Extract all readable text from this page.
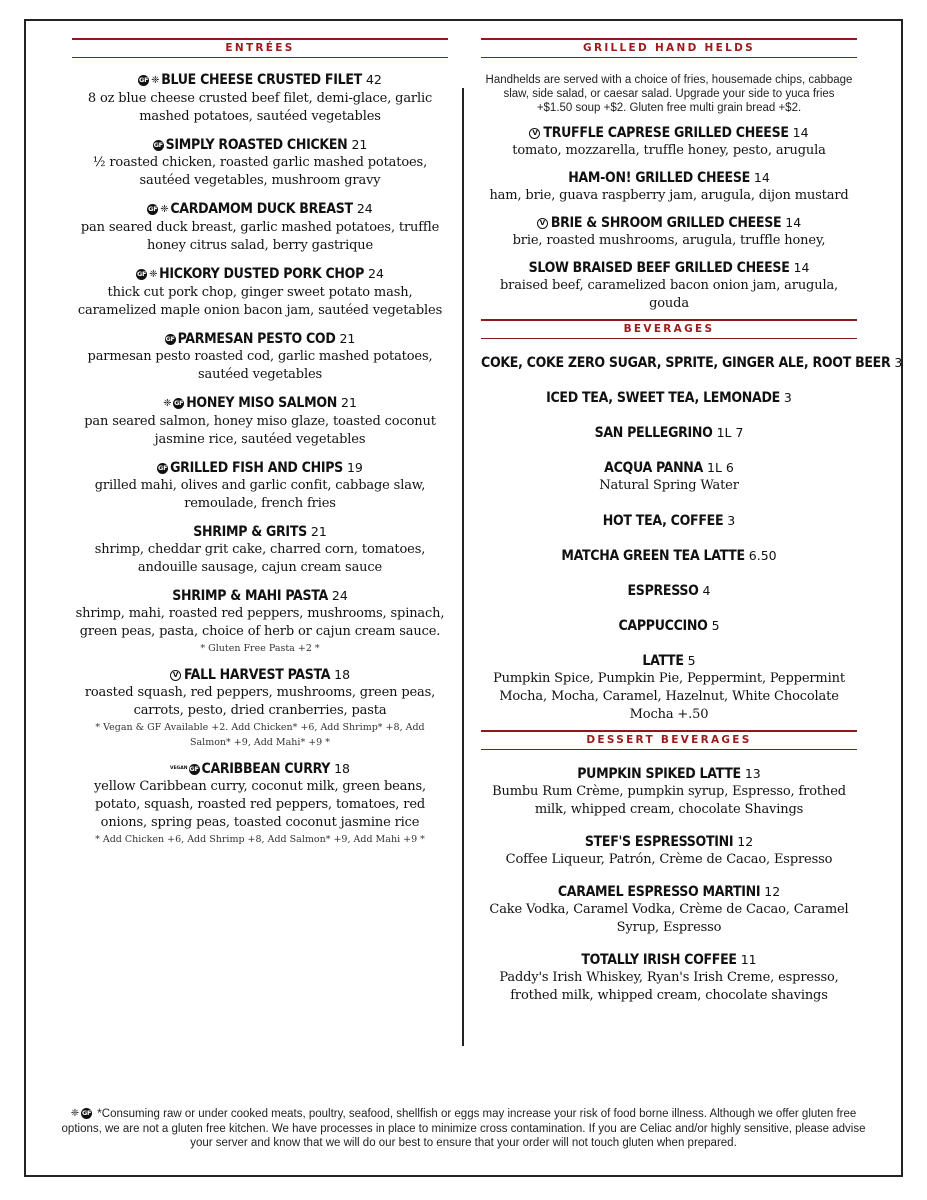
ENTRÉES
GF ❈ BLUE CHEESE CRUSTED FILET 42
8 oz blue cheese crusted beef filet, demi-glace, garlic mashed potatoes, sautéed vegetables
GF SIMPLY ROASTED CHICKEN 21
½ roasted chicken, roasted garlic mashed potatoes, sautéed vegetables, mushroom gravy
GF ❈ CARDAMOM DUCK BREAST 24
pan seared duck breast, garlic mashed potatoes, truffle honey citrus salad, berry gastrique
GF ❈ HICKORY DUSTED PORK CHOP 24
thick cut pork chop, ginger sweet potato mash, caramelized maple onion bacon jam, sautéed vegetables
GF PARMESAN PESTO COD 21
parmesan pesto roasted cod, garlic mashed potatoes, sautéed vegetables
❈ GF HONEY MISO SALMON 21
pan seared salmon, honey miso glaze, toasted coconut jasmine rice, sautéed vegetables
GF GRILLED FISH AND CHIPS 19
grilled mahi, olives and garlic confit, cabbage slaw, remoulade, french fries
SHRIMP & GRITS 21
shrimp, cheddar grit cake, charred corn, tomatoes, andouille sausage, cajun cream sauce
SHRIMP & MAHI PASTA 24
shrimp, mahi, roasted red peppers, mushrooms, spinach, green peas, pasta, choice of herb or cajun cream sauce.
* Gluten Free Pasta +2 *
V FALL HARVEST PASTA 18
roasted squash, red peppers, mushrooms, green peas, carrots, pesto, dried cranberries, pasta
* Vegan & GF Available +2. Add Chicken* +6, Add Shrimp* +8, Add Salmon* +9, Add Mahi* +9 *
VEGAN GF CARIBBEAN CURRY 18
yellow Caribbean curry, coconut milk, green beans, potato, squash, roasted red peppers, tomatoes, red onions, spring peas, toasted coconut jasmine rice
* Add Chicken +6, Add Shrimp +8, Add Salmon* +9, Add Mahi +9 *
GRILLED HAND HELDS
Handhelds are served with a choice of fries, housemade chips, cabbage slaw, side salad, or caesar salad. Upgrade your side to yuca fries +$1.50 soup +$2. Gluten free multi grain bread +$2.
V TRUFFLE CAPRESE GRILLED CHEESE 14
tomato, mozzarella, truffle honey, pesto, arugula
HAM-ON! GRILLED CHEESE 14
ham, brie, guava raspberry jam, arugula, dijon mustard
V BRIE & SHROOM GRILLED CHEESE 14
brie, roasted mushrooms, arugula, truffle honey,
SLOW BRAISED BEEF GRILLED CHEESE 14
braised beef, caramelized bacon onion jam, arugula, gouda
BEVERAGES
COKE, COKE ZERO SUGAR, SPRITE, GINGER ALE, ROOT BEER 3
ICED TEA, SWEET TEA, LEMONADE 3
SAN PELLEGRINO 1L 7
ACQUA PANNA 1L 6
Natural Spring Water
HOT TEA, COFFEE 3
MATCHA GREEN TEA LATTE 6.50
ESPRESSO 4
CAPPUCCINO 5
LATTE 5
Pumpkin Spice, Pumpkin Pie, Peppermint, Peppermint Mocha, Mocha, Caramel, Hazelnut, White Chocolate Mocha +.50
DESSERT BEVERAGES
PUMPKIN SPIKED LATTE 13
Bumbu Rum Crème, pumpkin syrup, Espresso, frothed milk, whipped cream, chocolate Shavings
STEF'S ESPRESSOTINI 12
Coffee Liqueur, Patrón, Crème de Cacao, Espresso
CARAMEL ESPRESSO MARTINI 12
Cake Vodka, Caramel Vodka, Crème de Cacao, Caramel Syrup, Espresso
TOTALLY IRISH COFFEE 11
Paddy's Irish Whiskey, Ryan's Irish Creme, espresso, frothed milk, whipped cream, chocolate shavings
❈ GF *Consuming raw or under cooked meats, poultry, seafood, shellfish or eggs may increase your risk of food borne illness. Although we offer gluten free options, we are not a gluten free kitchen. We have processes in place to minimize cross contamination. If you are Celiac and/or highly sensitive, please advise your server and know that we will do our best to ensure that your order will not touch gluten when prepared.
